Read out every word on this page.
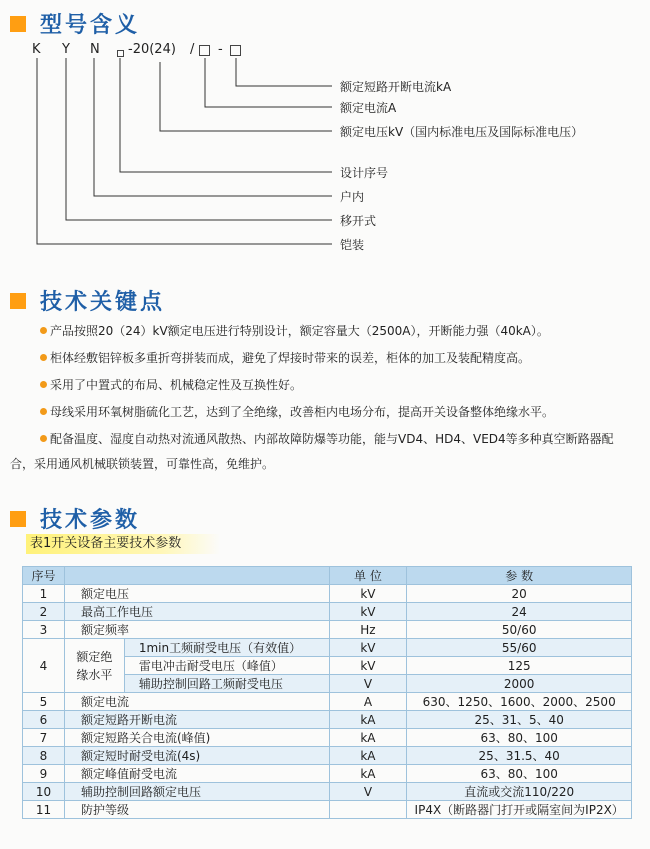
型号含义
K Y N -20(24) / -
额定短路开断电流kA
额定电流A
额定电压kV（国内标准电压及国际标准电压）
设计序号
户内
移开式
铠装
技术关键点
产品按照20（24）kV额定电压进行特别设计，额定容量大（2500A），开断能力强（40kA）。
柜体经敷铝锌板多重折弯拼装而成，避免了焊接时带来的误差，柜体的加工及装配精度高。
采用了中置式的布局、机械稳定性及互换性好。
母线采用环氧树脂硫化工艺，达到了全绝缘，改善柜内电场分布，提高开关设备整体绝缘水平。
配备温度、湿度自动热对流通风散热、内部故障防爆等功能，能与VD4、HD4、VED4等多种真空断路器配
合，采用通风机械联锁装置，可靠性高，免维护。
技术参数
表1开关设备主要技术参数
序号			单 位	参 数
1	额定电压		kV	20
2	最高工作电压		kV	24
3	额定频率		Hz	50/60
4	额定绝缘水平	1min工频耐受电压（有效值）	kV	55/60
		雷电冲击耐受电压（峰值）	kV	125
		辅助控制回路工频耐受电压	V	2000
5	额定电流		A	630、1250、1600、2000、2500
6	额定短路开断电流		kA	25、31、5、40
7	额定短路关合电流(峰值)		kA	63、80、100
8	额定短时耐受电流(4s)		kA	25、31.5、40
9	额定峰值耐受电流		kA	63、80、100
10	辅助控制回路额定电压		V	直流或交流110/220
11	防护等级			IP4X（断路器门打开或隔室间为IP2X）
